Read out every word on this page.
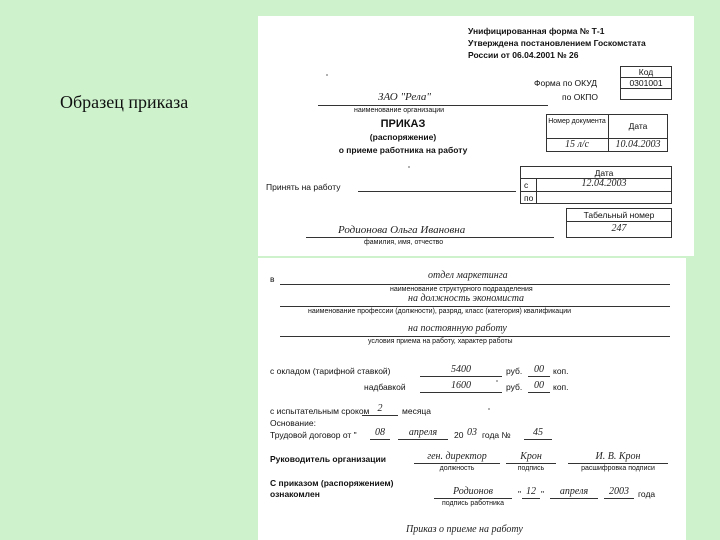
Образец приказа
Унифицированная форма № Т-1
Утверждена постановлением Госкомстата
России от 06.04.2001 № 26
Код
0301001
Форма по ОКУД
по ОКПО
ЗАО "Рела"
наименование организации
ПРИКАЗ
(распоряжение)
о приеме работника на работу
Номер документа	Дата
15 л/с	10.04.2003
Принять на работу
Дата
с	12.04.2003
по
Табельный номер
247
Родионова Ольга Ивановна
фамилия, имя, отчество
в	отдел маркетинга
наименование структурного подразделения
на должность экономиста
наименование профессии (должности), разряд, класс (категория) квалификации
на постоянную работу
условия приема на работу, характер работы
с окладом (тарифной ставкой)	5400	руб.	00	коп.
надбавкой	1600	руб.	00	коп.
с испытательным сроком 2	месяца
Основание:
Трудовой договор от "	08	апреля	20 03 года №	45
Руководитель организации	ген. директор
должность
Крон
подпись
И. В. Крон
расшифровка подписи
С приказом (распоряжением)
ознакомлен	Родионов
подпись работника
" 12 "	апреля	2003	года
Приказ о приеме на работу
